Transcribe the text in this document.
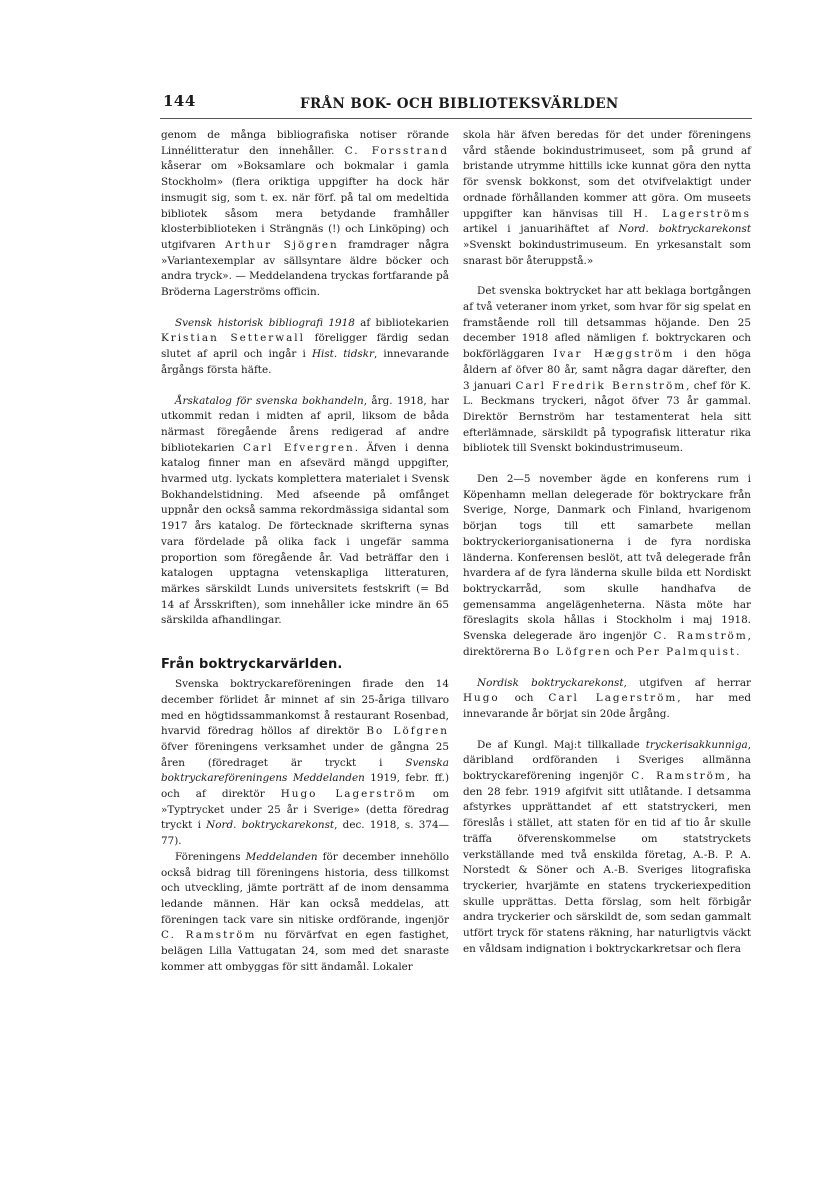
144	FRÅN BOK- OCH BIBLIOTEKSVÄRLDEN

genom de många bibliografiska notiser rörande Linnélitteratur den innehåller. C. Forsstrand kåserar om »Boksamlare och bokmalar i gamla Stockholm» (flera oriktiga uppgifter ha dock här insmugit sig, som t. ex. när förf. på tal om medeltida bibliotek såsom mera betydande framhåller klosterbiblioteken i Strängnäs (!) och Linköping) och utgifvaren Arthur Sjögren framdrager några »Variantexemplar av sällsyntare äldre böcker och andra tryck». — Meddelandena tryckas fortfarande på Bröderna Lagerströms officin.

Svensk historisk bibliografi 1918 af bibliotekarien Kristian Setterwall föreligger färdig sedan slutet af april och ingår i Hist. tidskr, innevarande årgångs första häfte.

Årskatalog för svenska bokhandeln, årg. 1918, har utkommit redan i midten af april, liksom de båda närmast föregående årens redigerad af andre bibliotekarien Carl Efvergren. Äfven i denna katalog finner man en afsevärd mängd uppgifter, hvarmed utg. lyckats komplettera materialet i Svensk Bokhandelstidning. Med afseende på omfånget uppnår den också samma rekordmässiga sidantal som 1917 års katalog. De förtecknade skrifterna synas vara fördelade på olika fack i ungefär samma proportion som föregående år. Vad beträffar den i katalogen upptagna vetenskapliga litteraturen, märkes särskildt Lunds universitets festskrift (= Bd 14 af Årsskriften), som innehåller icke mindre än 65 särskilda afhandlingar.

Från boktryckarvärlden.

Svenska boktryckareföreningen firade den 14 december förlidet år minnet af sin 25-åriga tillvaro med en högtidssammankomst å restaurant Rosenbad, hvarvid föredrag höllos af direktör Bo Löfgren öfver föreningens verksamhet under de gångna 25 åren (föredraget är tryckt i Svenska boktryckareföreningens Meddelanden 1919, febr. ff.) och af direktör Hugo Lagerström om »Typtrycket under 25 år i Sverige» (detta föredrag tryckt i Nord. boktryckarekonst, dec. 1918, s. 374—77).

Föreningens Meddelanden för december innehöllo också bidrag till föreningens historia, dess tillkomst och utveckling, jämte porträtt af de inom densamma ledande männen. Här kan också meddelas, att föreningen tack vare sin nitiske ordförande, ingenjör C. Ramström nu förvärfvat en egen fastighet, belägen Lilla Vattugatan 24, som med det snaraste kommer att ombyggas för sitt ändamål. Lokaler

skola här äfven beredas för det under föreningens vård stående bokindustrimuseet, som på grund af bristande utrymme hittills icke kunnat göra den nytta för svensk bokkonst, som det otvifvelaktigt under ordnade förhållanden kommer att göra. Om museets uppgifter kan hänvisas till H. Lagerströms artikel i januarihäftet af Nord. boktryckarekonst »Svenskt bokindustrimuseum. En yrkesanstalt som snarast bör återuppstå.»

Det svenska boktrycket har att beklaga bortgången af två veteraner inom yrket, som hvar för sig spelat en framstående roll till detsammas höjande. Den 25 december 1918 afled nämligen f. boktryckaren och bokförläggaren Ivar Hæggström i den höga åldern af öfver 80 år, samt några dagar därefter, den 3 januari Carl Fredrik Bernström, chef för K. L. Beckmans tryckeri, något öfver 73 år gammal. Direktör Bernström har testamenterat hela sitt efterlämnade, särskildt på typografisk litteratur rika bibliotek till Svenskt bokindustrimuseum.

Den 2—5 november ägde en konferens rum i Köpenhamn mellan delegerade för boktryckare från Sverige, Norge, Danmark och Finland, hvarigenom början togs till ett samarbete mellan boktryckeriorganisationerna i de fyra nordiska länderna. Konferensen beslöt, att två delegerade från hvardera af de fyra länderna skulle bilda ett Nordiskt boktryckarråd, som skulle handhafva de gemensamma angelägenheterna. Nästa möte har föreslagits skola hållas i Stockholm i maj 1918. Svenska delegerade äro ingenjör C. Ramström, direktörerna Bo Löfgren och Per Palmquist.

Nordisk boktryckarekonst, utgifven af herrar Hugo och Carl Lagerström, har med innevarande år börjat sin 20de årgång.

De af Kungl. Maj:t tillkallade tryckerisakkunniga, däribland ordföranden i Sveriges allmänna boktryckareförening ingenjör C. Ramström, ha den 28 febr. 1919 afgifvit sitt utlåtande. I detsamma afstyrkes upprättandet af ett statstryckeri, men föreslås i stället, att staten för en tid af tio år skulle träffa öfverenskommelse om statstryckets verkställande med två enskilda företag, A.-B. P. A. Norstedt & Söner och A.-B. Sveriges litografiska tryckerier, hvarjämte en statens tryckeriexpedition skulle upprättas. Detta förslag, som helt förbigår andra tryckerier och särskildt de, som sedan gammalt utfört tryck för statens räkning, har naturligtvis väckt en våldsam indignation i boktryckarkretsar och flera
